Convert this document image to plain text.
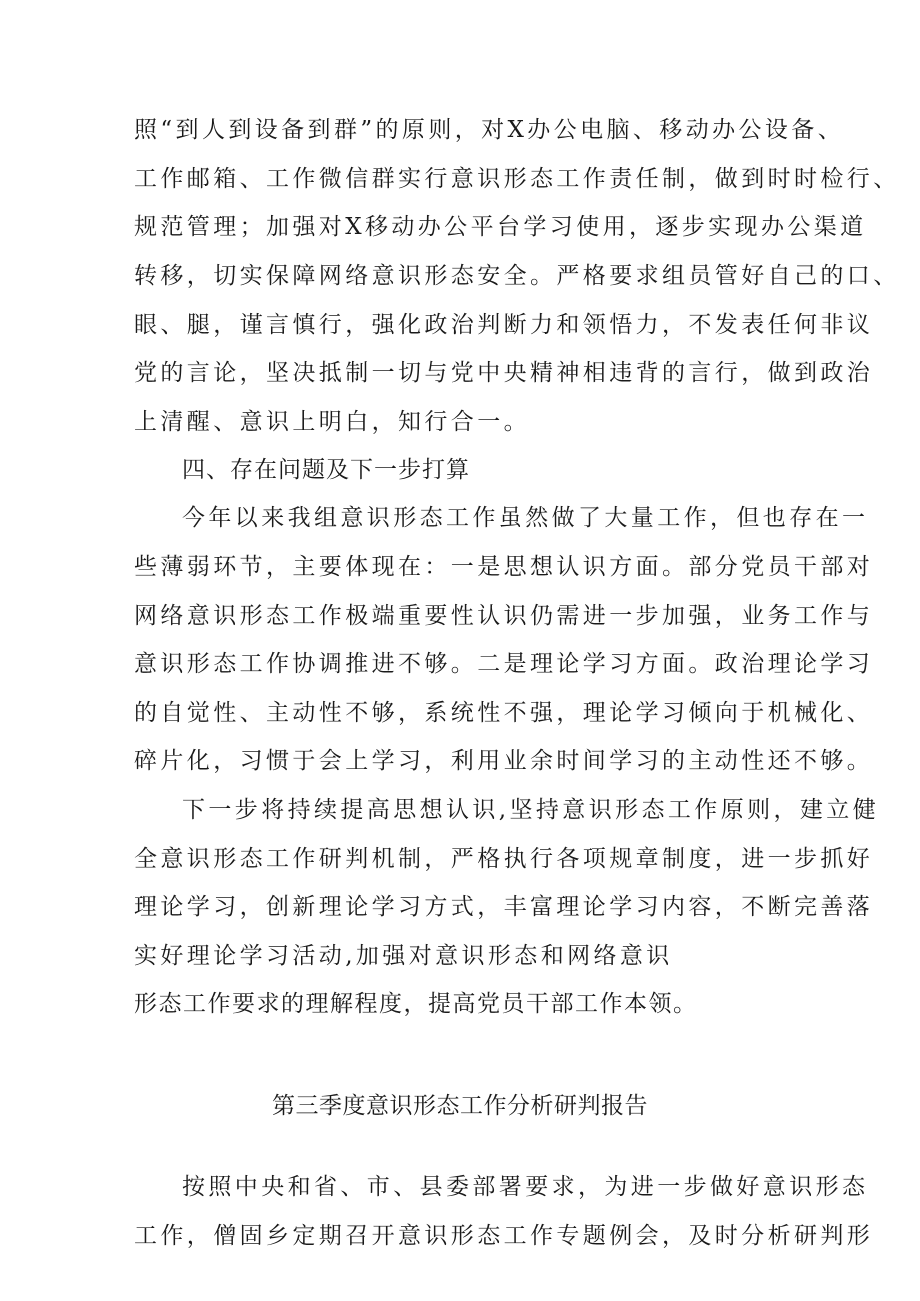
照“到人到设备到群”的原则，对X办公电脑、移动办公设备、
工作邮箱、工作微信群实行意识形态工作责任制，做到时时检行、
规范管理；加强对X移动办公平台学习使用，逐步实现办公渠道
转移，切实保障网络意识形态安全。严格要求组员管好自己的口、
眼、腿，谨言慎行，强化政治判断力和领悟力，不发表任何非议
党的言论，坚决抵制一切与党中央精神相违背的言行，做到政治
上清醒、意识上明白，知行合一。
四、存在问题及下一步打算
今年以来我组意识形态工作虽然做了大量工作，但也存在一
些薄弱环节，主要体现在：一是思想认识方面。部分党员干部对
网络意识形态工作极端重要性认识仍需进一步加强，业务工作与
意识形态工作协调推进不够。二是理论学习方面。政治理论学习
的自觉性、主动性不够，系统性不强，理论学习倾向于机械化、
碎片化，习惯于会上学习，利用业余时间学习的主动性还不够。
下一步将持续提高思想认识,坚持意识形态工作原则，建立健
全意识形态工作研判机制，严格执行各项规章制度，进一步抓好
理论学习，创新理论学习方式，丰富理论学习内容，不断完善落
实好理论学习活动,加强对意识形态和网络意识
形态工作要求的理解程度，提高党员干部工作本领。
第三季度意识形态工作分析研判报告
按照中央和省、市、县委部署要求，为进一步做好意识形态
工作，僧固乡定期召开意识形态工作专题例会，及时分析研判形
